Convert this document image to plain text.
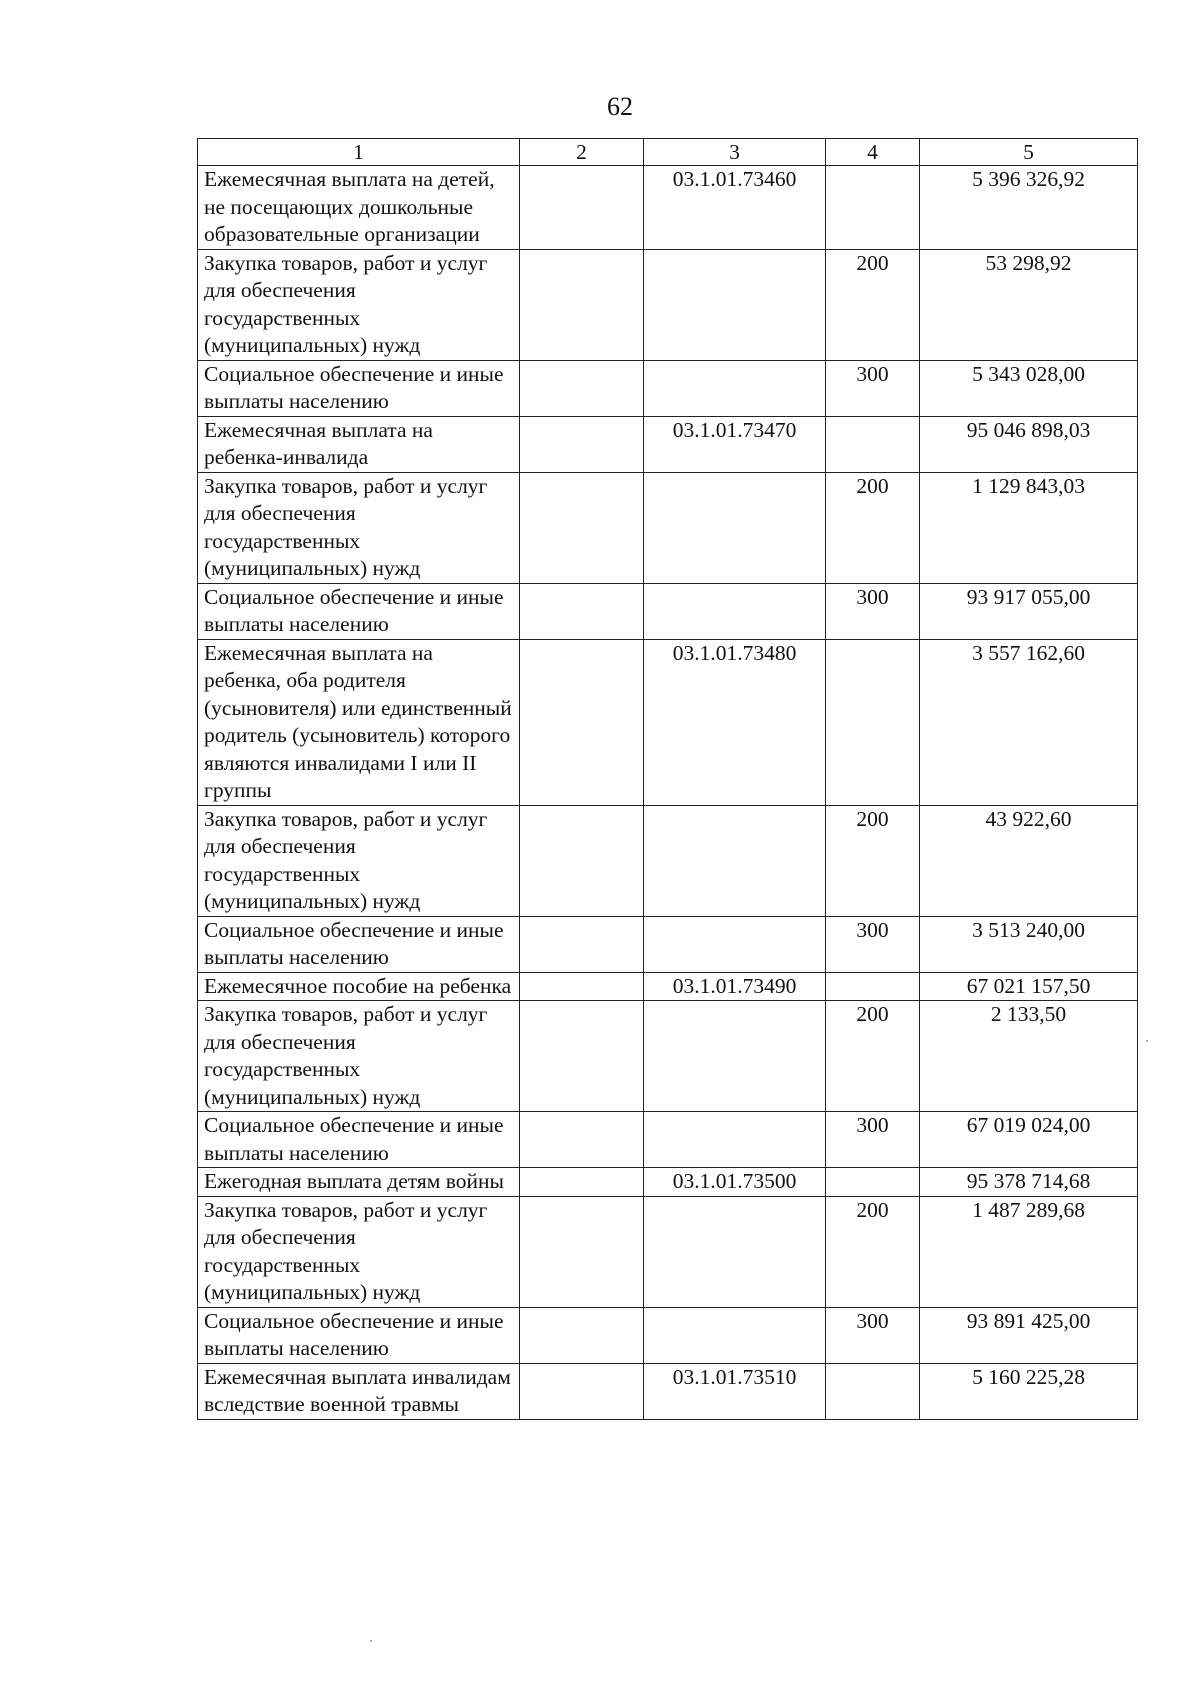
62
1	2	3	4	5
Ежемесячная выплата на детей, не посещающих дошкольные образовательные организации		03.1.01.73460		5 396 326,92
Закупка товаров, работ и услуг для обеспечения государственных (муниципальных) нужд			200	53 298,92
Социальное обеспечение и иные выплаты населению			300	5 343 028,00
Ежемесячная выплата на ребенка-инвалида		03.1.01.73470		95 046 898,03
Закупка товаров, работ и услуг для обеспечения государственных (муниципальных) нужд			200	1 129 843,03
Социальное обеспечение и иные выплаты населению			300	93 917 055,00
Ежемесячная выплата на ребенка, оба родителя (усыновителя) или единственный родитель (усыновитель) которого являются инвалидами I или II группы		03.1.01.73480		3 557 162,60
Закупка товаров, работ и услуг для обеспечения государственных (муниципальных) нужд			200	43 922,60
Социальное обеспечение и иные выплаты населению			300	3 513 240,00
Ежемесячное пособие на ребенка		03.1.01.73490		67 021 157,50
Закупка товаров, работ и услуг для обеспечения государственных (муниципальных) нужд			200	2 133,50
Социальное обеспечение и иные выплаты населению			300	67 019 024,00
Ежегодная выплата детям войны		03.1.01.73500		95 378 714,68
Закупка товаров, работ и услуг для обеспечения государственных (муниципальных) нужд			200	1 487 289,68
Социальное обеспечение и иные выплаты населению			300	93 891 425,00
Ежемесячная выплата инвалидам вследствие военной травмы		03.1.01.73510		5 160 225,28
